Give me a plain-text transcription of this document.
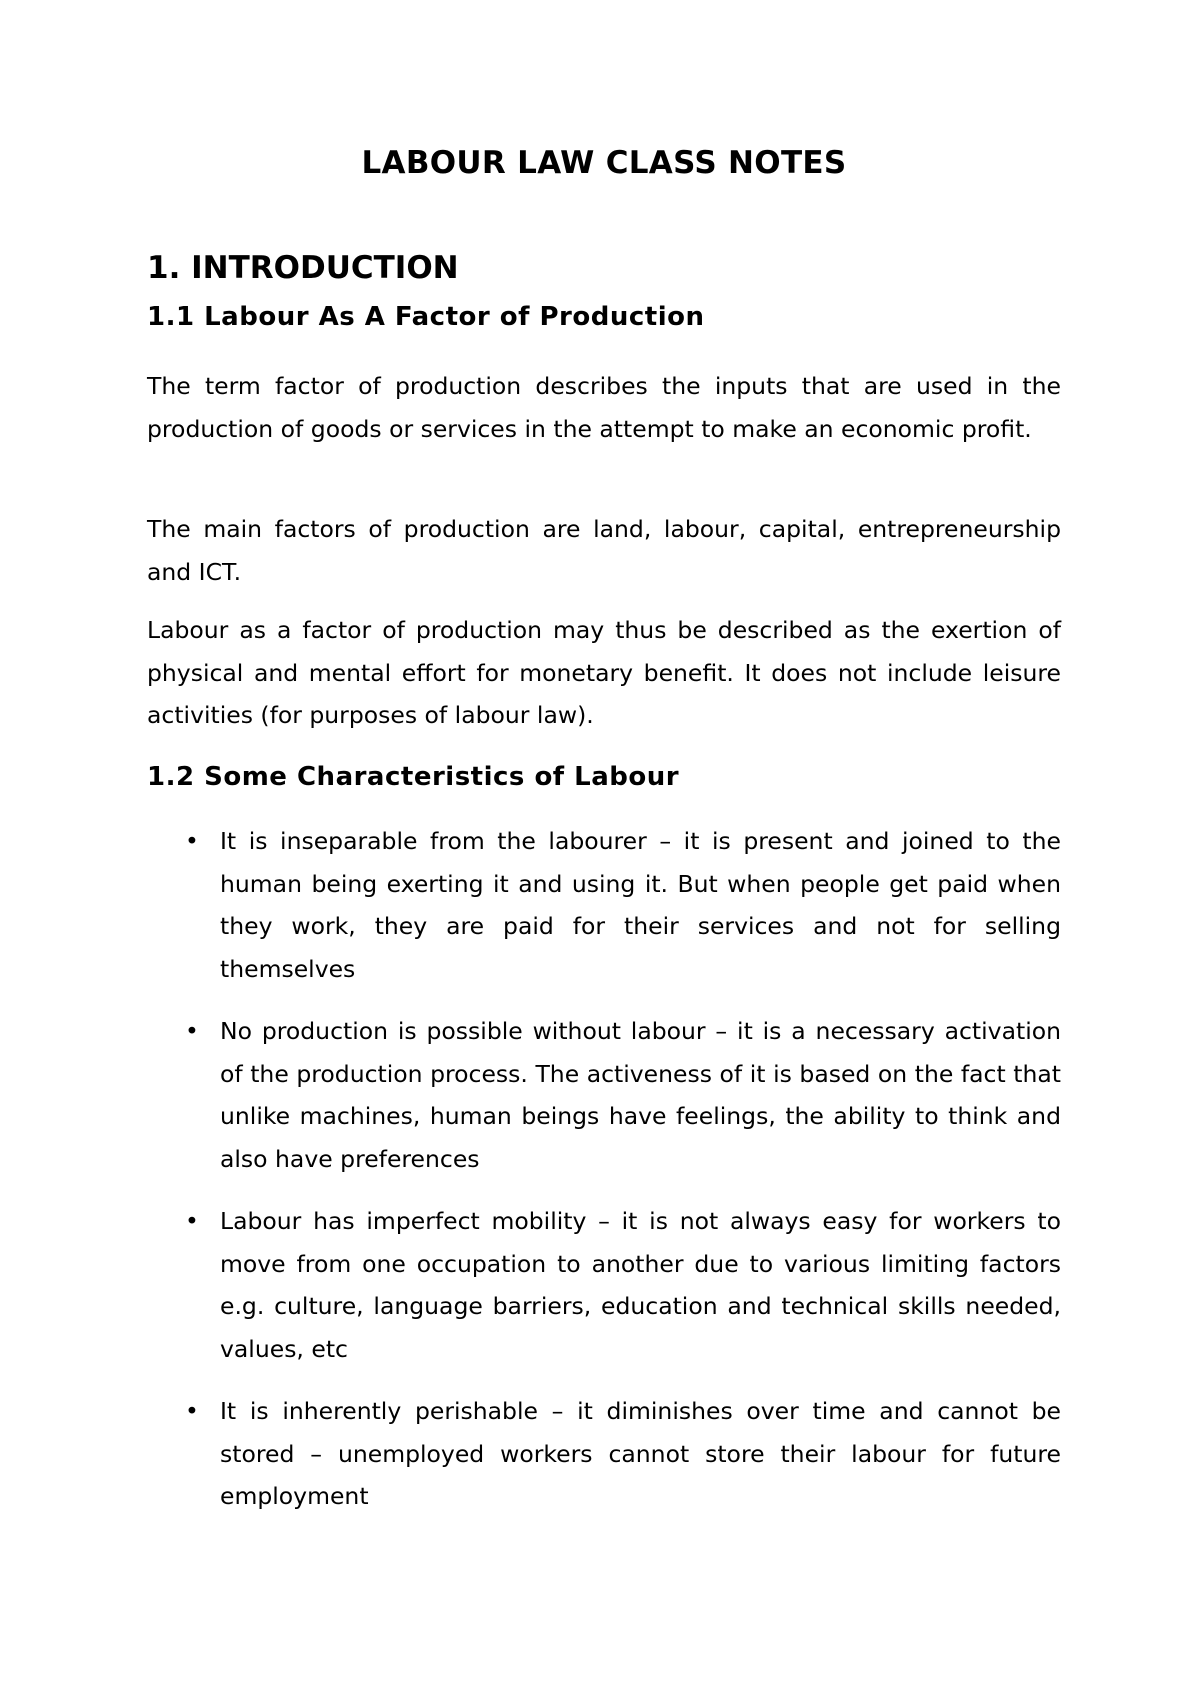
LABOUR LAW CLASS NOTES
1. INTRODUCTION
1.1 Labour As A Factor of Production

The term factor of production describes the inputs that are used in the production of goods or services in the attempt to make an economic profit.

The main factors of production are land, labour, capital, entrepreneurship and ICT.

Labour as a factor of production may thus be described as the exertion of physical and mental effort for monetary benefit. It does not include leisure activities (for purposes of labour law).

1.2 Some Characteristics of Labour
• It is inseparable from the labourer – it is present and joined to the human being exerting it and using it. But when people get paid when they work, they are paid for their services and not for selling themselves
• No production is possible without labour – it is a necessary activation of the production process. The activeness of it is based on the fact that unlike machines, human beings have feelings, the ability to think and also have preferences
• Labour has imperfect mobility – it is not always easy for workers to move from one occupation to another due to various limiting factors e.g. culture, language barriers, education and technical skills needed, values, etc
• It is inherently perishable – it diminishes over time and cannot be stored – unemployed workers cannot store their labour for future employment
